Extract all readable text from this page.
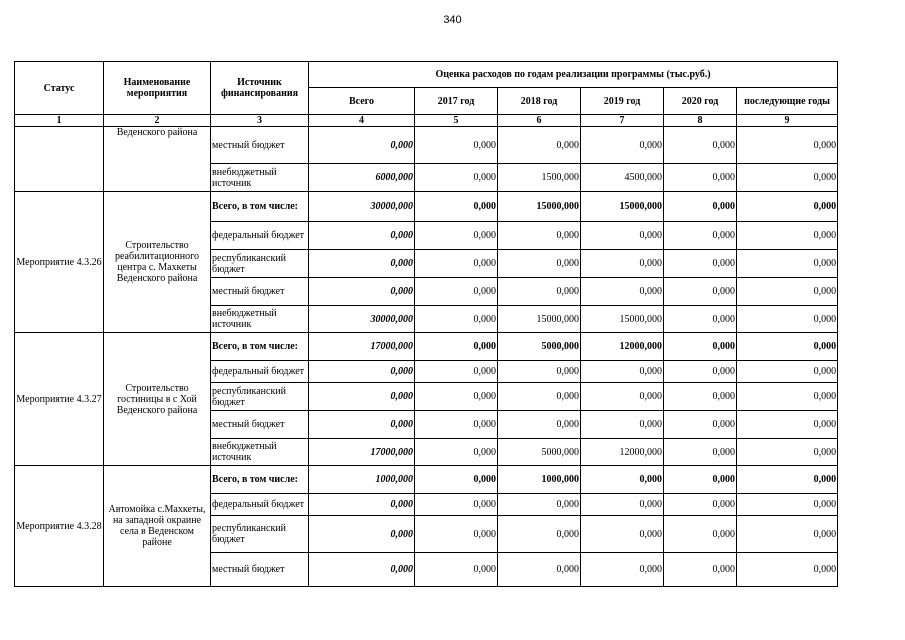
340
Статус	Наименование мероприятия	Источник финансирования	Оценка расходов по годам реализации программы (тыс.руб.)					
			Всего	2017 год	2018 год	2019 год	2020 год	последующие годы
1	2	3	4	5	6	7	8	9
	Веденского района	местный бюджет	0,000	0,000	0,000	0,000	0,000	0,000
		внебюджетный источник	6000,000	0,000	1500,000	4500,000	0,000	0,000
Мероприятие 4.3.26	Строительство реабилитационного центра с. Махкеты Веденского района	Всего, в том числе:	30000,000	0,000	15000,000	15000,000	0,000	0,000
		федеральный бюджет	0,000	0,000	0,000	0,000	0,000	0,000
		республиканский бюджет	0,000	0,000	0,000	0,000	0,000	0,000
		местный бюджет	0,000	0,000	0,000	0,000	0,000	0,000
		внебюджетный источник	30000,000	0,000	15000,000	15000,000	0,000	0,000
Мероприятие 4.3.27	Строительство гостиницы в с Хой Веденского района	Всего, в том числе:	17000,000	0,000	5000,000	12000,000	0,000	0,000
		федеральный бюджет	0,000	0,000	0,000	0,000	0,000	0,000
		республиканский бюджет	0,000	0,000	0,000	0,000	0,000	0,000
		местный бюджет	0,000	0,000	0,000	0,000	0,000	0,000
		внебюджетный источник	17000,000	0,000	5000,000	12000,000	0,000	0,000
Мероприятие 4.3.28	Автомойка с.Махкеты, на западной окраине села в Веденском районе	Всего, в том числе:	1000,000	0,000	1000,000	0,000	0,000	0,000
		федеральный бюджет	0,000	0,000	0,000	0,000	0,000	0,000
		республиканский бюджет	0,000	0,000	0,000	0,000	0,000	0,000
		местный бюджет	0,000	0,000	0,000	0,000	0,000	0,000
